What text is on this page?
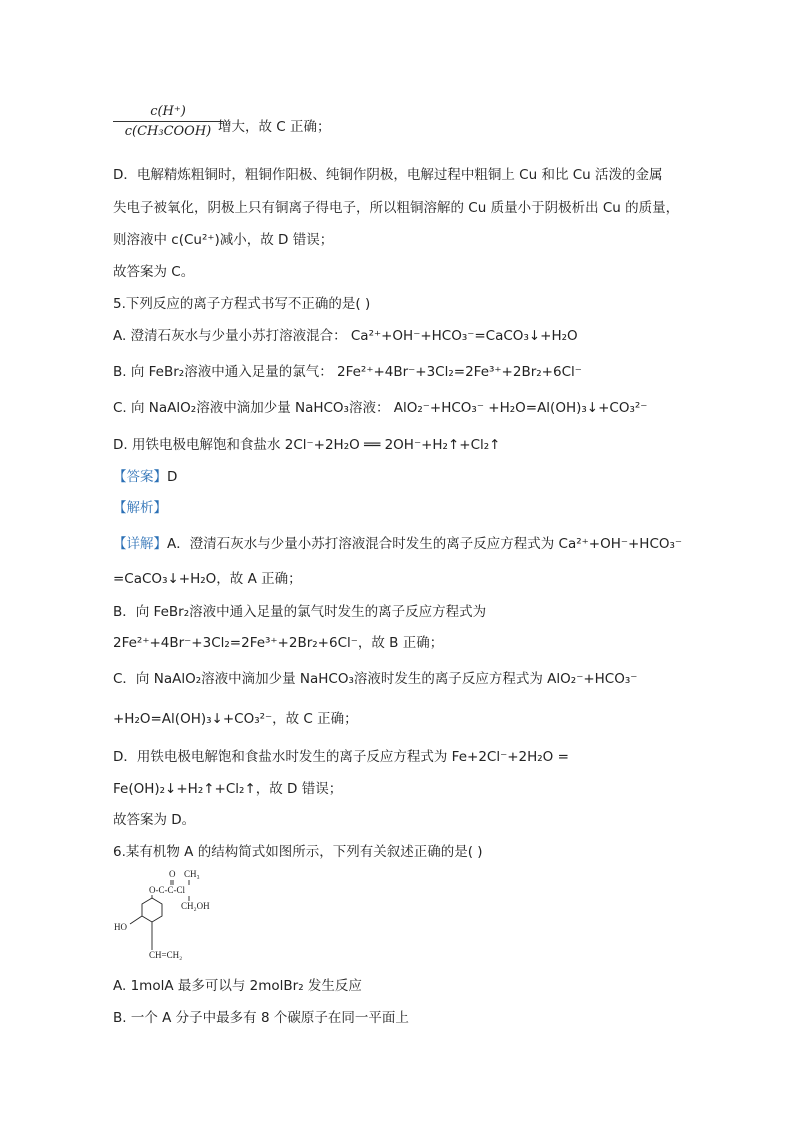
c(H⁺)
c(CH₃COOH) 增大，故 C 正确；
D．电解精炼粗铜时，粗铜作阳极、纯铜作阴极，电解过程中粗铜上 Cu 和比 Cu 活泼的金属
失电子被氧化，阴极上只有铜离子得电子，所以粗铜溶解的 Cu 质量小于阴极析出 Cu 的质量，
则溶液中 c(Cu²⁺)减小，故 D 错误；
故答案为 C。
5.下列反应的离子方程式书写不正确的是( )
A. 澄清石灰水与少量小苏打溶液混合： Ca²⁺+OH⁻+HCO₃⁻=CaCO₃↓+H₂O
B. 向 FeBr₂溶液中通入足量的氯气： 2Fe²⁺+4Br⁻+3Cl₂=2Fe³⁺+2Br₂+6Cl⁻
C. 向 NaAlO₂溶液中滴加少量 NaHCO₃溶液： AlO₂⁻+HCO₃⁻ +H₂O=Al(OH)₃↓+CO₃²⁻
D. 用铁电极电解饱和食盐水 2Cl⁻+2H₂O ══ 2OH⁻+H₂↑+Cl₂↑
【答案】D
【解析】
【详解】A．澄清石灰水与少量小苏打溶液混合时发生的离子反应方程式为 Ca²⁺+OH⁻+HCO₃⁻
=CaCO₃↓+H₂O，故 A 正确；
B．向 FeBr₂溶液中通入足量的氯气时发生的离子反应方程式为
2Fe²⁺+4Br⁻+3Cl₂=2Fe³⁺+2Br₂+6Cl⁻，故 B 正确；
C．向 NaAlO₂溶液中滴加少量 NaHCO₃溶液时发生的离子反应方程式为 AlO₂⁻+HCO₃⁻
+H₂O=Al(OH)₃↓+CO₃²⁻，故 C 正确；
D．用铁电极电解饱和食盐水时发生的离子反应方程式为 Fe+2Cl⁻+2H₂O =
Fe(OH)₂↓+H₂↑+Cl₂↑，故 D 错误；
故答案为 D。
6.某有机物 A 的结构简式如图所示，下列有关叙述正确的是( )
O CH₃
O-C-C-Cl
CH₂OH
HO
CH=CH₂
A. 1molA 最多可以与 2molBr₂ 发生反应
B. 一个 A 分子中最多有 8 个碳原子在同一平面上
